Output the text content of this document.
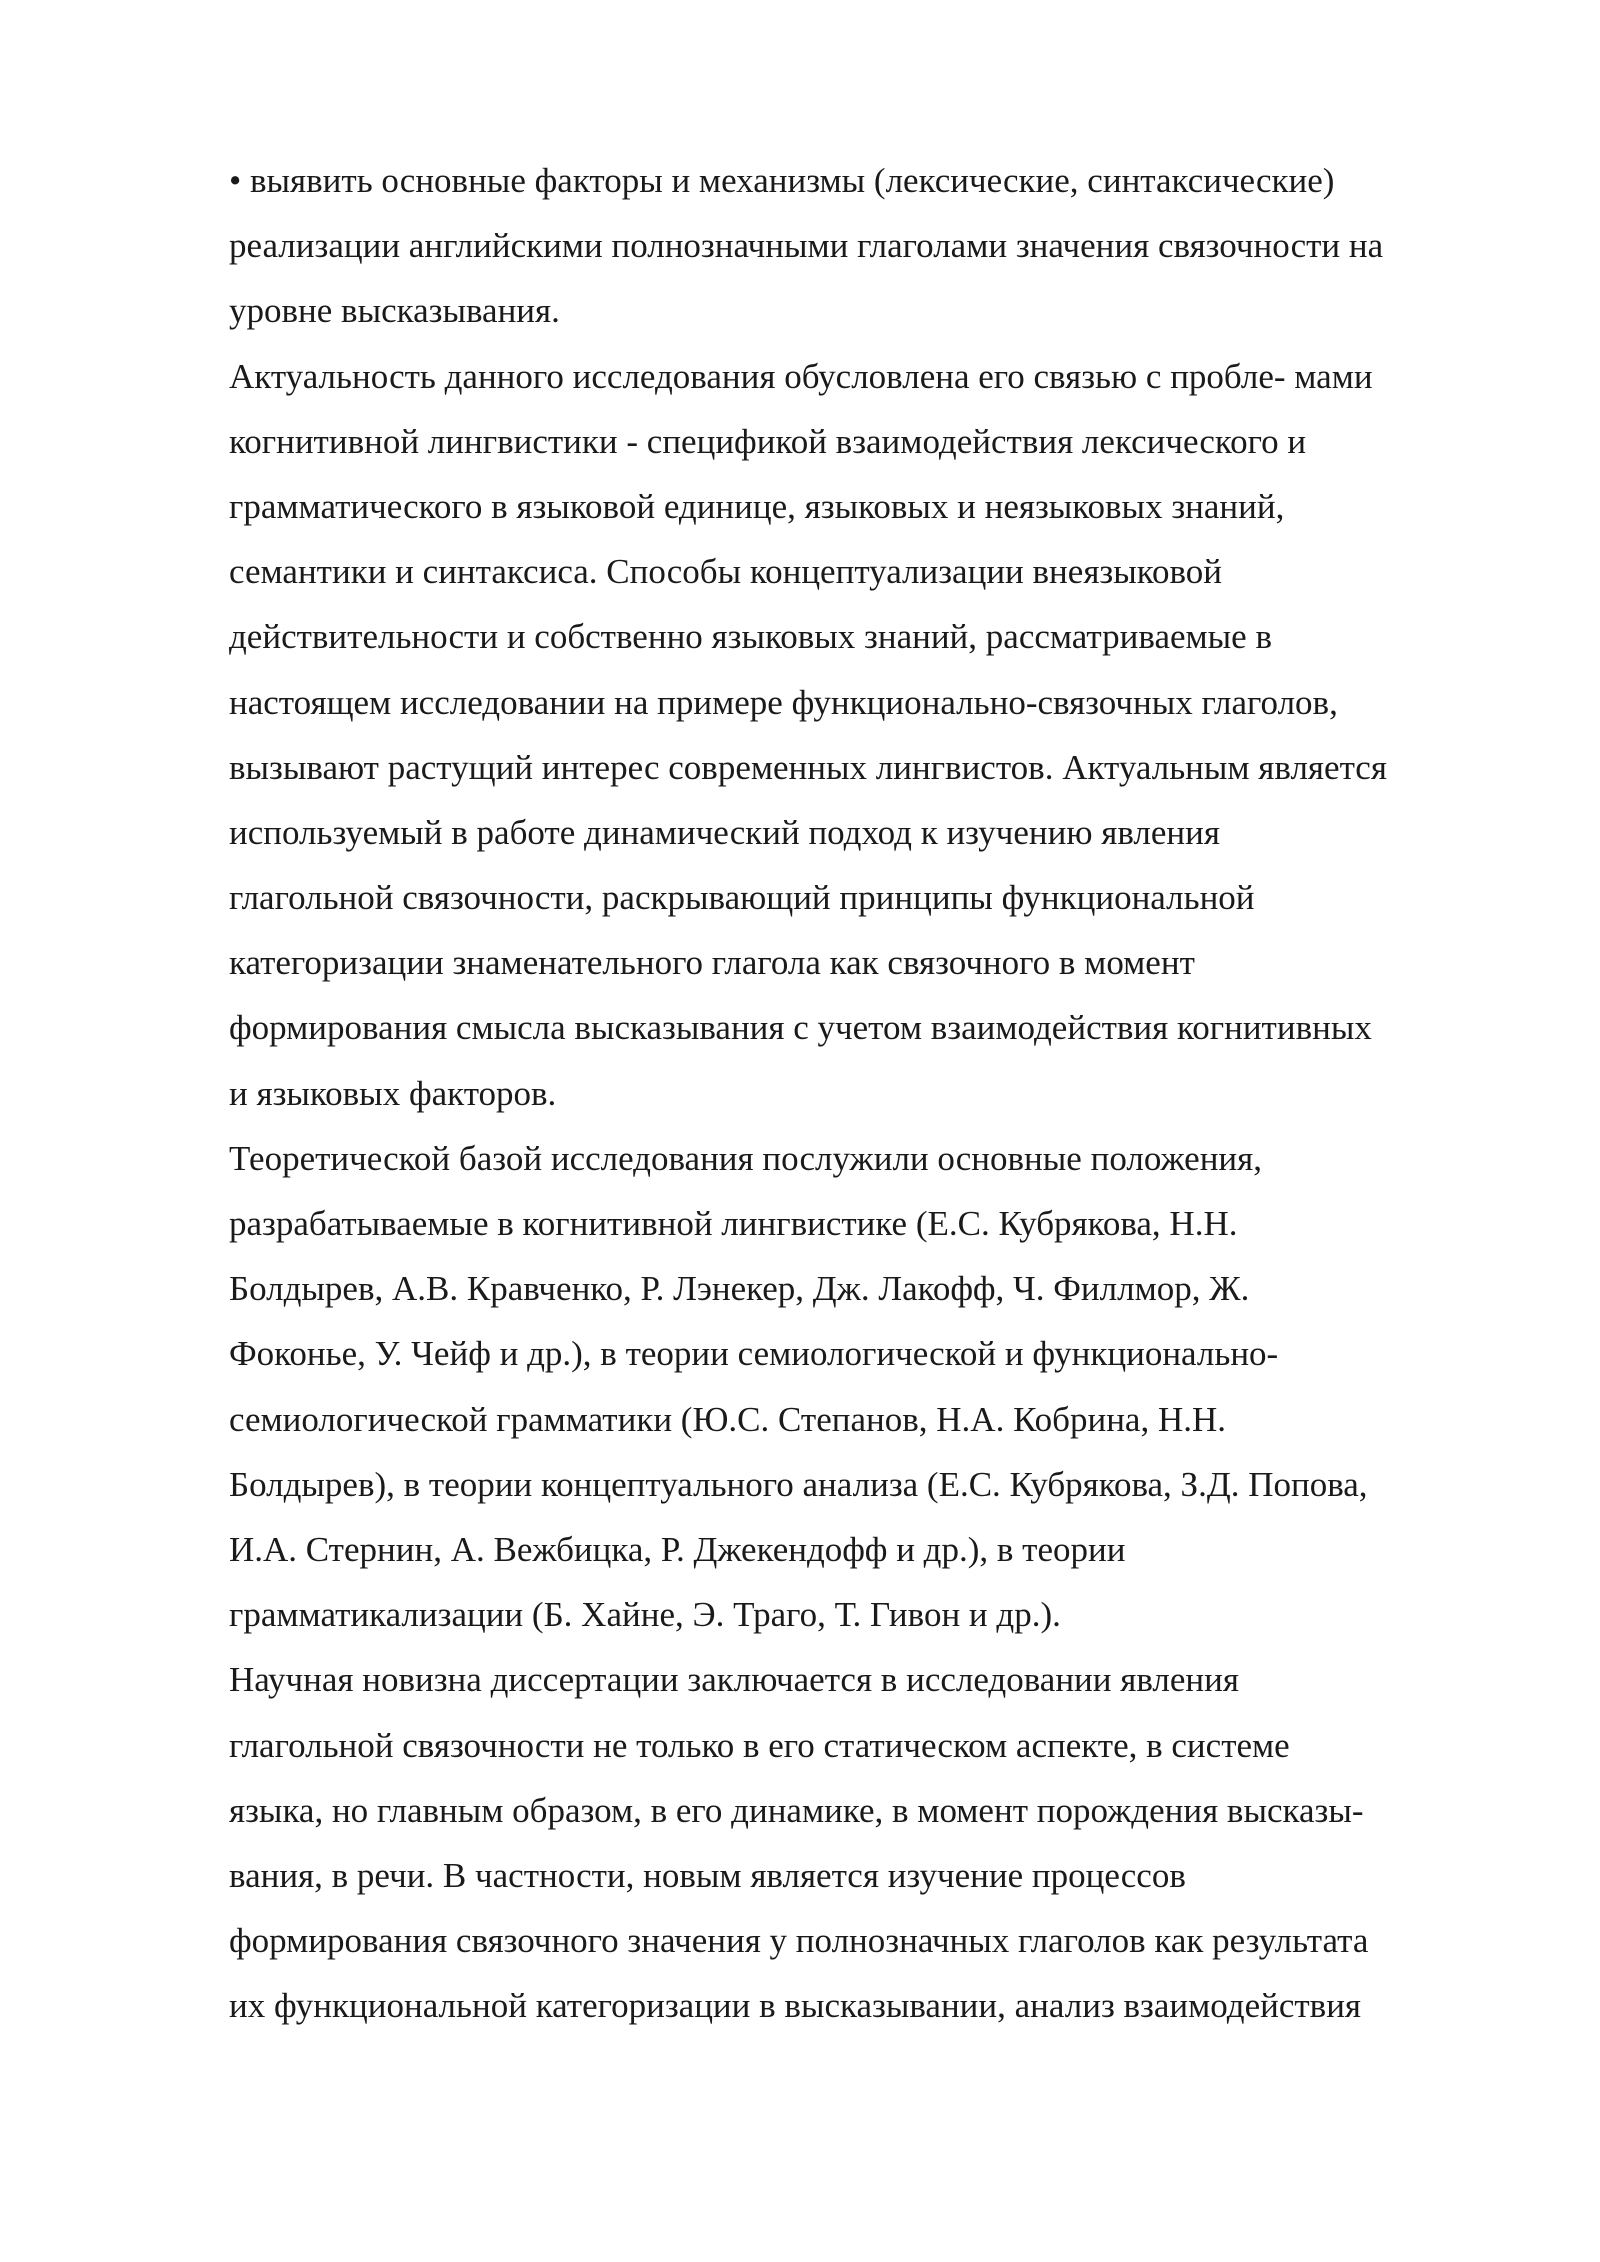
• выявить основные факторы и механизмы (лексические, синтаксические)
реализации английскими полнозначными глаголами значения связочности на
уровне высказывания.
Актуальность данного исследования обусловлена его связью с пробле- мами
когнитивной лингвистики - спецификой взаимодействия лексического и
грамматического в языковой единице, языковых и неязыковых знаний,
семантики и синтаксиса. Способы концептуализации внеязыковой
действительности и собственно языковых знаний, рассматриваемые в
настоящем исследовании на примере функционально-связочных глаголов,
вызывают растущий интерес современных лингвистов. Актуальным является
используемый в работе динамический подход к изучению явления
глагольной связочности, раскрывающий принципы функциональной
категоризации знаменательного глагола как связочного в момент
формирования смысла высказывания с учетом взаимодействия когнитивных
и языковых факторов.
Теоретической базой исследования послужили основные положения,
разрабатываемые в когнитивной лингвистике (Е.С. Кубрякова, Н.Н.
Болдырев, А.В. Кравченко, Р. Лэнекер, Дж. Лакофф, Ч. Филлмор, Ж.
Фоконье, У. Чейф и др.), в теории семиологической и функционально-
семиологической грамматики (Ю.С. Степанов, Н.А. Кобрина, Н.Н.
Болдырев), в теории концептуального анализа (Е.С. Кубрякова, З.Д. Попова,
И.А. Стернин, А. Вежбицка, Р. Джекендофф и др.), в теории
грамматикализации (Б. Хайне, Э. Траго, Т. Гивон и др.).
Научная новизна диссертации заключается в исследовании явления
глагольной связочности не только в его статическом аспекте, в системе
языка, но главным образом, в его динамике, в момент порождения высказы-
вания, в речи. В частности, новым является изучение процессов
формирования связочного значения у полнозначных глаголов как результата
их функциональной категоризации в высказывании, анализ взаимодействия
